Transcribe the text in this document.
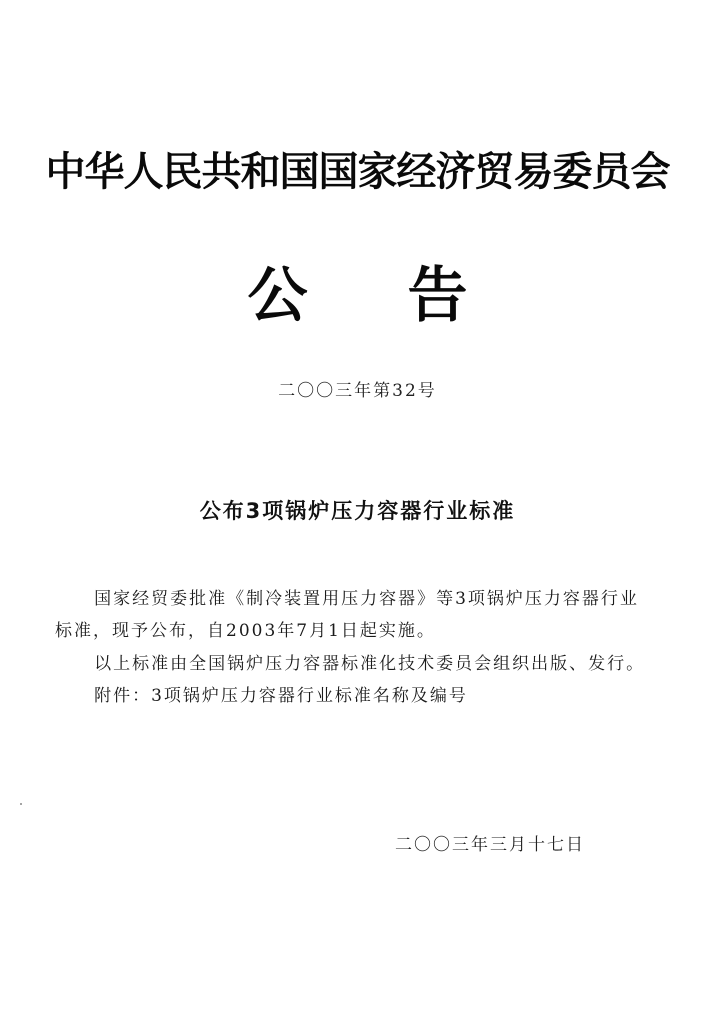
中华人民共和国国家经济贸易委员会
公告
二〇〇三年第32号
公布3项锅炉压力容器行业标准

国家经贸委批准《制冷装置用压力容器》等3项锅炉压力容器行业标准，现予公布，自2003年7月1日起实施。

以上标准由全国锅炉压力容器标准化技术委员会组织出版、发行。

附件：3项锅炉压力容器行业标准名称及编号

二〇〇三年三月十七日
